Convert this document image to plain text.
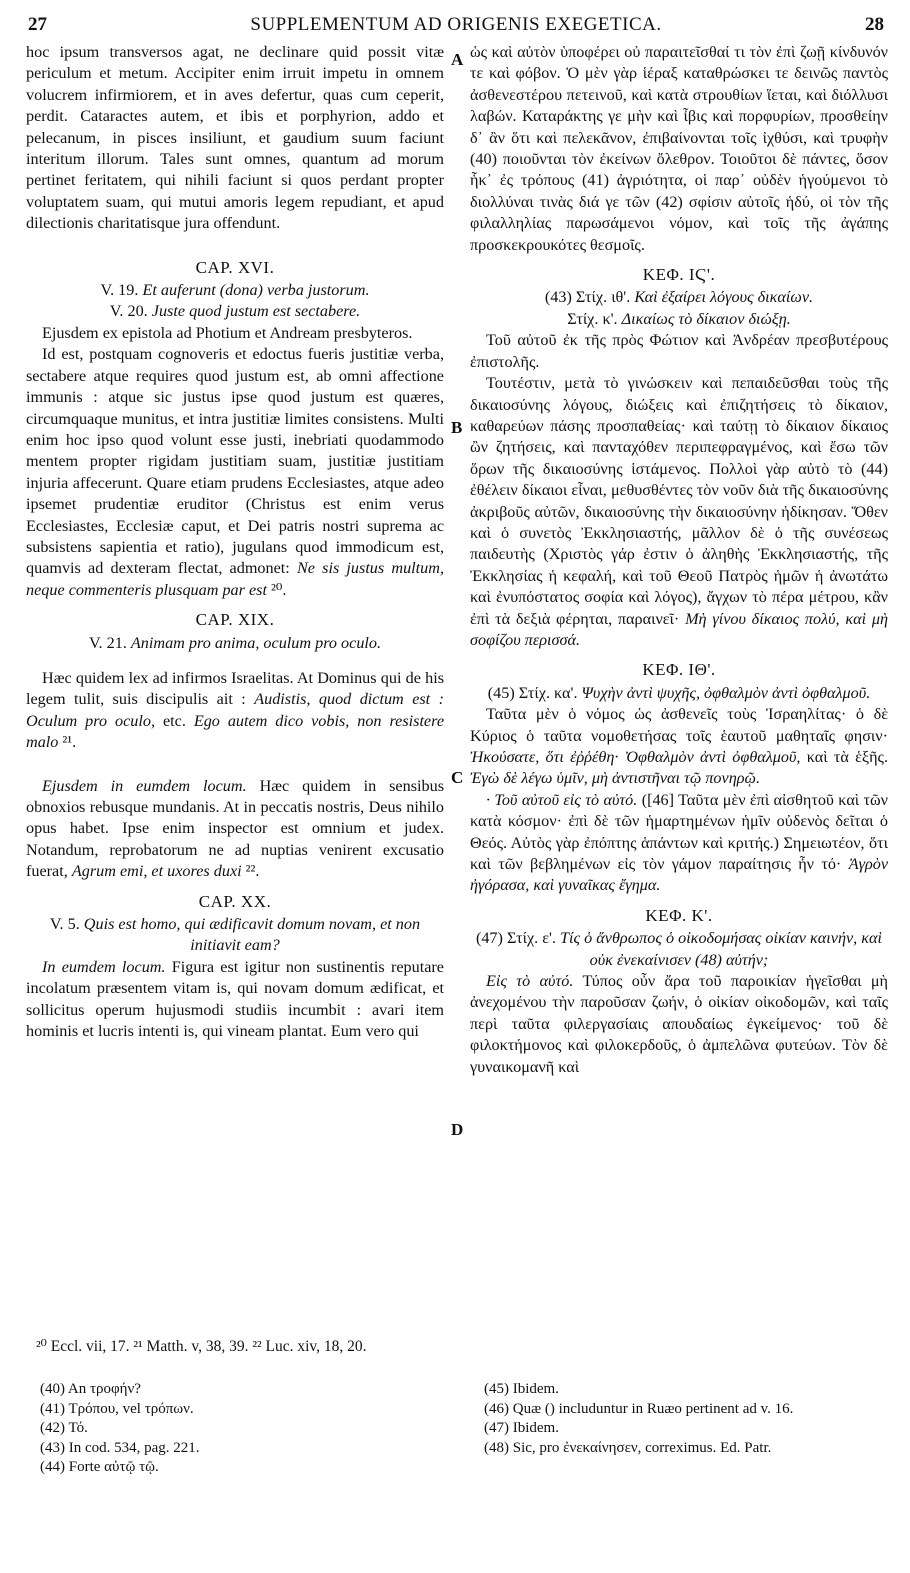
27	SUPPLEMENTUM AD ORIGENIS EXEGETICA.	28
A
B
C
D

hoc ipsum transversos agat, ne declinare quid possit vitæ periculum et metum. Accipiter enim irruit impetu in omnem volucrem infirmiorem, et in aves defertur, quas cum ceperit, perdit. Cataractes autem, et ibis et porphyrion, addo et pelecanum, in pisces insiliunt, et gaudium suum faciunt interitum illorum. Tales sunt omnes, quantum ad morum pertinet feritatem, qui nihili faciunt si quos perdant propter voluptatem suam, qui mutui amoris legem repudiant, et apud dilectionis charitatisque jura offendunt.

CAP. XVI.

V. 19. Et auferunt (dona) verba justorum.

V. 20. Juste quod justum est sectabere.

Ejusdem ex epistola ad Photium et Andream presbyteros.

Id est, postquam cognoveris et edoctus fueris justitiæ verba, sectabere atque requires quod justum est, ab omni affectione immunis : atque sic justus ipse quod justum est quæres, circumquaque munitus, et intra justitiæ limites consistens. Multi enim hoc ipso quod volunt esse justi, inebriati quodammodo mentem propter rigidam justitiam suam, justitiæ justitiam injuria affecerunt. Quare etiam prudens Ecclesiastes, atque adeo ipsemet prudentiæ eruditor (Christus est enim verus Ecclesiastes, Ecclesiæ caput, et Dei patris nostri suprema ac subsistens sapientia et ratio), jugulans quod immodicum est, quamvis ad dexteram flectat, admonet: Ne sis justus multum, neque commenteris plusquam par est ²⁰.

CAP. XIX.

V. 21. Animam pro anima, oculum pro oculo.

Hæc quidem lex ad infirmos Israelitas. At Dominus qui de his legem tulit, suis discipulis ait : Audistis, quod dictum est : Oculum pro oculo, etc. Ego autem dico vobis, non resistere malo ²¹.

Ejusdem in eumdem locum. Hæc quidem in sensibus obnoxios rebusque mundanis. At in peccatis nostris, Deus nihilo opus habet. Ipse enim inspector est omnium et judex. Notandum, reprobatorum ne ad nuptias venirent excusatio fuerat, Agrum emi, et uxores duxi ²².

CAP. XX.

V. 5. Quis est homo, qui ædificavit domum novam, et non initiavit eam?

In eumdem locum. Figura est igitur non sustinentis reputare incolatum præsentem vitam is, qui novam domum ædificat, et sollicitus operum hujusmodi studiis incumbit : avari item hominis et lucris intenti is, qui vineam plantat. Eum vero qui

ὡς καὶ αὐτὸν ὑποφέρει οὐ παραιτεῖσθαί τι τὸν ἐπὶ ζωῇ κίνδυνόν τε καὶ φόβον. Ὁ μὲν γὰρ ἱέραξ καταθρώσκει τε δεινῶς παντὸς ἀσθενεστέρου πετεινοῦ, καὶ κατὰ στρουθίων ἵεται, καὶ διόλλυσι λαβών. Καταράκτης γε μὴν καὶ ἶβις καὶ πορφυρίων, προσθείην δ᾽ ἂν ὅτι καὶ πελεκᾶνον, ἐπιβαίνονται τοῖς ἰχθύσι, καὶ τρυφὴν (40) ποιοῦνται τὸν ἐκείνων ὄλεθρον. Τοιοῦτοι δὲ πάντες, ὅσον ἧκ᾽ ἐς τρόπους (41) ἀγριότητα, οἱ παρ᾽ οὐδὲν ἡγούμενοι τὸ διολλύναι τινὰς διά γε τῶν (42) σφίσιν αὐτοῖς ἡδύ, οἱ τὸν τῆς φιλαλληλίας παρωσάμενοι νόμον, καὶ τοῖς τῆς ἀγάπης προσκεκρουκότες θεσμοῖς.

ΚΕΦ. ΙϚ'.

(43) Στίχ. ιθ'. Καὶ ἐξαίρει λόγους δικαίων.

Στίχ. κ'. Δικαίως τὸ δίκαιον διώξῃ.

Τοῦ αὐτοῦ ἐκ τῆς πρὸς Φώτιον καὶ Ἀνδρέαν πρεσβυτέρους ἐπιστολῆς.

Τουτέστιν, μετὰ τὸ γινώσκειν καὶ πεπαιδεῦσθαι τοὺς τῆς δικαιοσύνης λόγους, διώξεις καὶ ἐπιζητήσεις τὸ δίκαιον, καθαρεύων πάσης προσπαθείας· καὶ ταύτῃ τὸ δίκαιον δίκαιος ὢν ζητήσεις, καὶ πανταχόθεν περιπεφραγμένος, καὶ ἔσω τῶν ὅρων τῆς δικαιοσύνης ἱστάμενος. Πολλοὶ γὰρ αὐτὸ τὸ (44) ἐθέλειν δίκαιοι εἶναι, μεθυσθέντες τὸν νοῦν διὰ τῆς δικαιοσύνης ἀκριβοῦς αὐτῶν, δικαιοσύνης τὴν δικαιοσύνην ἠδίκησαν. Ὅθεν καὶ ὁ συνετὸς Ἐκκλησιαστής, μᾶλλον δὲ ὁ τῆς συνέσεως παιδευτὴς (Χριστὸς γάρ ἐστιν ὁ ἀληθὴς Ἐκκλησιαστής, τῆς Ἐκκλησίας ἡ κεφαλή, καὶ τοῦ Θεοῦ Πατρὸς ἡμῶν ἡ ἀνωτάτω καὶ ἐνυπόστατος σοφία καὶ λόγος), ἄγχων τὸ πέρα μέτρου, κἂν ἐπὶ τὰ δεξιὰ φέρηται, παραινεῖ· Μὴ γίνου δίκαιος πολύ, καὶ μὴ σοφίζου περισσά.

ΚΕΦ. ΙΘ'.

(45) Στίχ. κα'. Ψυχὴν ἀντὶ ψυχῆς, ὀφθαλμὸν ἀντὶ ὀφθαλμοῦ.

Ταῦτα μὲν ὁ νόμος ὡς ἀσθενεῖς τοὺς Ἰσραηλίτας· ὁ δὲ Κύριος ὁ ταῦτα νομοθετήσας τοῖς ἑαυτοῦ μαθηταῖς φησιν· Ἠκούσατε, ὅτι ἐῤῥέθη· Ὀφθαλμὸν ἀντὶ ὀφθαλμοῦ, καὶ τὰ ἑξῆς. Ἐγὼ δὲ λέγω ὑμῖν, μὴ ἀντιστῆναι τῷ πονηρῷ.

· Τοῦ αὐτοῦ εἰς τὸ αὐτό. ([46] Ταῦτα μὲν ἐπὶ αἰσθητοῦ καὶ τῶν κατὰ κόσμον· ἐπὶ δὲ τῶν ἡμαρτημένων ἡμῖν οὐδενὸς δεῖται ὁ Θεός. Αὐτὸς γὰρ ἐπόπτης ἁπάντων καὶ κριτής.) Σημειωτέον, ὅτι καὶ τῶν βεβλημένων εἰς τὸν γάμον παραίτησις ἦν τό· Ἀγρὸν ἠγόρασα, καὶ γυναῖκας ἔγημα.

ΚΕΦ. Κ'.

(47) Στίχ. ε'. Τίς ὁ ἄνθρωπος ὁ οἰκοδομήσας οἰκίαν καινήν, καὶ οὐκ ἐνεκαίνισεν (48) αὐτήν;

Εἰς τὸ αὐτό. Τύπος οὖν ἄρα τοῦ παροικίαν ἡγεῖσθαι μὴ ἀνεχομένου τὴν παροῦσαν ζωήν, ὁ οἰκίαν οἰκοδομῶν, καὶ ταῖς περὶ ταῦτα φιλεργασίαις απουδαίως ἐγκείμενος· τοῦ δὲ φιλοκτήμονος καὶ φιλοκερδοῦς, ὁ ἀμπελῶνα φυτεύων. Τὸν δὲ γυναικομανῆ καὶ

²⁰ Eccl. vii, 17. ²¹ Matth. v, 38, 39. ²² Luc. xiv, 18, 20.

(40) An τροφήν?

(41) Τρόπου, vel τρόπων.

(42) Τό.

(43) In cod. 534, pag. 221.

(44) Forte αὐτῷ τῷ.

(45) Ibidem.

(46) Quæ () includuntur in Ruæo pertinent ad v. 16.

(47) Ibidem.

(48) Sic, pro ἐνεκαίνησεν, correximus. Ed. Patr.
